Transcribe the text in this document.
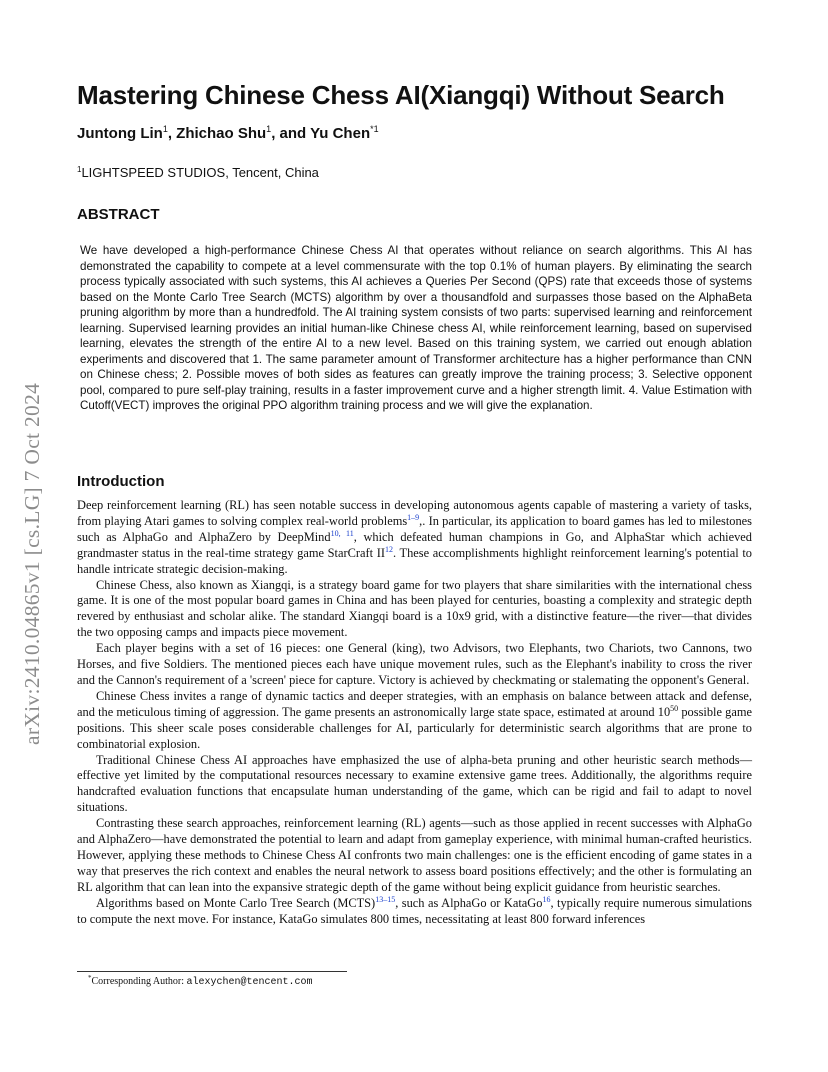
arXiv:2410.04865v1 [cs.LG] 7 Oct 2024
Mastering Chinese Chess AI(Xiangqi) Without Search
Juntong Lin$^1$, Zhichao Shu$^1$, and Yu Chen$^{*1}$
$^1$LIGHTSPEED STUDIOS, Tencent, China
ABSTRACT

We have developed a high-performance Chinese Chess AI that operates without reliance on search algorithms. This AI has demonstrated the capability to compete at a level commensurate with the top 0.1% of human players. By eliminating the search process typically associated with such systems, this AI achieves a Queries Per Second (QPS) rate that exceeds those of systems based on the Monte Carlo Tree Search (MCTS) algorithm by over a thousandfold and surpasses those based on the AlphaBeta pruning algorithm by more than a hundredfold. The AI training system consists of two parts: supervised learning and reinforcement learning. Supervised learning provides an initial human-like Chinese chess AI, while reinforcement learning, based on supervised learning, elevates the strength of the entire AI to a new level. Based on this training system, we carried out enough ablation experiments and discovered that 1. The same parameter amount of Transformer architecture has a higher performance than CNN on Chinese chess; 2. Possible moves of both sides as features can greatly improve the training process; 3. Selective opponent pool, compared to pure self-play training, results in a faster improvement curve and a higher strength limit. 4. Value Estimation with Cutoff(VECT) improves the original PPO algorithm training process and we will give the explanation.

Introduction

Deep reinforcement learning (RL) has seen notable success in developing autonomous agents capable of mastering a variety of tasks, from playing Atari games to solving complex real-world problems$^{1-9}$,. In particular, its application to board games has led to milestones such as AlphaGo and AlphaZero by DeepMind$^{10, 11}$, which defeated human champions in Go, and AlphaStar which achieved grandmaster status in the real-time strategy game StarCraft II$^{12}$. These accomplishments highlight reinforcement learning's potential to handle intricate strategic decision-making.

Chinese Chess, also known as Xiangqi, is a strategy board game for two players that share similarities with the international chess game. It is one of the most popular board games in China and has been played for centuries, boasting a complexity and strategic depth revered by enthusiast and scholar alike. The standard Xiangqi board is a 10x9 grid, with a distinctive feature—the river—that divides the two opposing camps and impacts piece movement.

Each player begins with a set of 16 pieces: one General (king), two Advisors, two Elephants, two Chariots, two Cannons, two Horses, and five Soldiers. The mentioned pieces each have unique movement rules, such as the Elephant's inability to cross the river and the Cannon's requirement of a 'screen' piece for capture. Victory is achieved by checkmating or stalemating the opponent's General.

Chinese Chess invites a range of dynamic tactics and deeper strategies, with an emphasis on balance between attack and defense, and the meticulous timing of aggression. The game presents an astronomically large state space, estimated at around $10^{50}$ possible game positions. This sheer scale poses considerable challenges for AI, particularly for deterministic search algorithms that are prone to combinatorial explosion.

Traditional Chinese Chess AI approaches have emphasized the use of alpha-beta pruning and other heuristic search methods—effective yet limited by the computational resources necessary to examine extensive game trees. Additionally, the algorithms require handcrafted evaluation functions that encapsulate human understanding of the game, which can be rigid and fail to adapt to novel situations.

Contrasting these search approaches, reinforcement learning (RL) agents—such as those applied in recent successes with AlphaGo and AlphaZero—have demonstrated the potential to learn and adapt from gameplay experience, with minimal human-crafted heuristics. However, applying these methods to Chinese Chess AI confronts two main challenges: one is the efficient encoding of game states in a way that preserves the rich context and enables the neural network to assess board positions effectively; and the other is formulating an RL algorithm that can lean into the expansive strategic depth of the game without being explicit guidance from heuristic searches.

Algorithms based on Monte Carlo Tree Search (MCTS)$^{13-15}$, such as AlphaGo or KataGo$^{16}$, typically require numerous simulations to compute the next move. For instance, KataGo simulates 800 times, necessitating at least 800 forward inferences

*Corresponding Author: alexychen@tencent.com
